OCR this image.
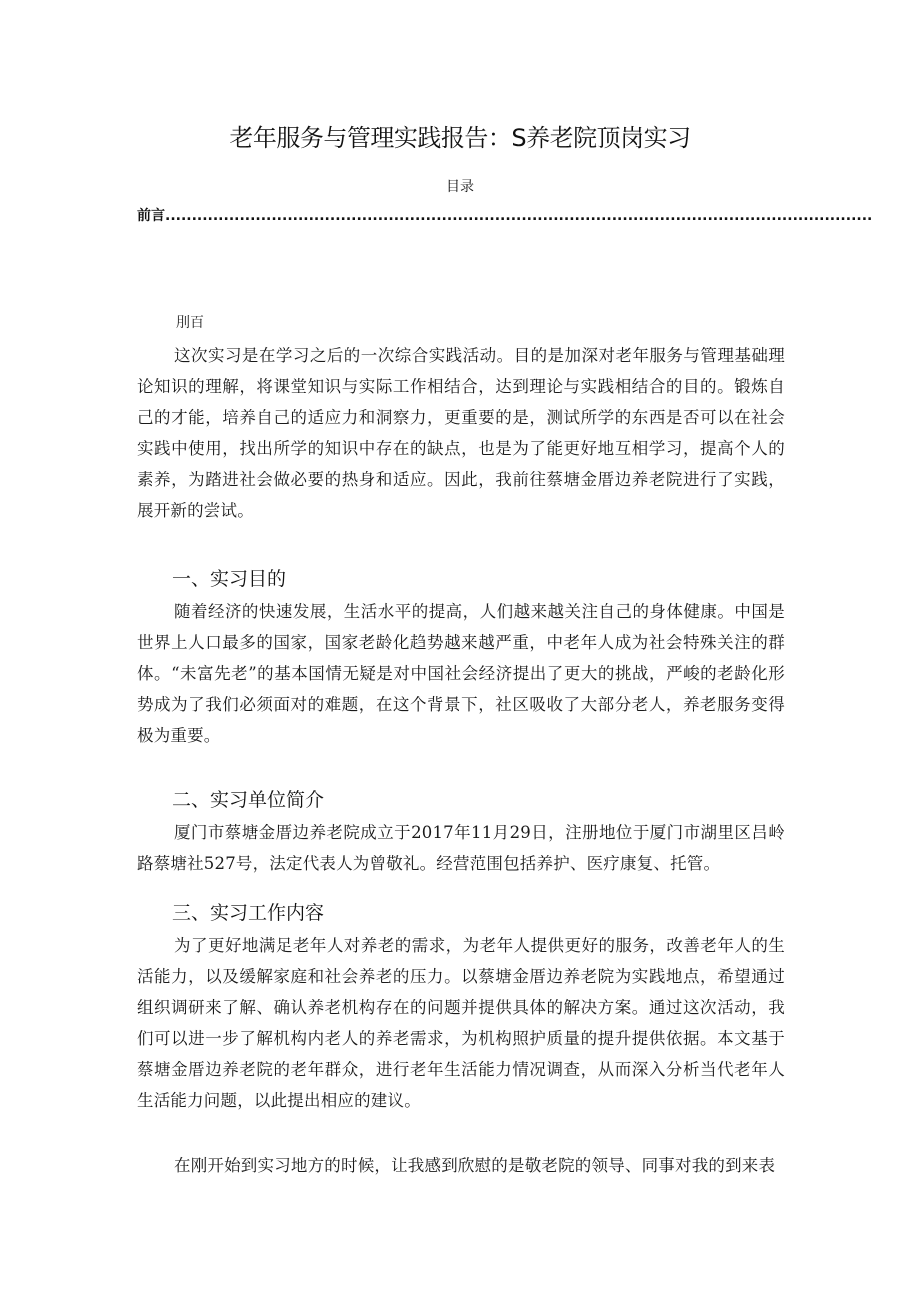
老年服务与管理实践报告：S养老院顶岗实习
目录
前言 .....................................................................................................................................
刖百

这次实习是在学习之后的一次综合实践活动。目的是加深对老年服务与管理基础理论知识的理解，将课堂知识与实际工作相结合，达到理论与实践相结合的目的。锻炼自己的才能，培养自己的适应力和洞察力，更重要的是，测试所学的东西是否可以在社会实践中使用，找出所学的知识中存在的缺点，也是为了能更好地互相学习，提高个人的素养，为踏进社会做必要的热身和适应。因此，我前往蔡塘金厝边养老院进行了实践，展开新的尝试。

一、实习目的

随着经济的快速发展，生活水平的提高，人们越来越关注自己的身体健康。中国是世界上人口最多的国家，国家老龄化趋势越来越严重，中老年人成为社会特殊关注的群体。“未富先老”的基本国情无疑是对中国社会经济提出了更大的挑战，严峻的老龄化形势成为了我们必须面对的难题，在这个背景下，社区吸收了大部分老人，养老服务变得极为重要。

二、实习单位简介

厦门市蔡塘金厝边养老院成立于2017年11月29日，注册地位于厦门市湖里区吕岭路蔡塘社527号，法定代表人为曾敬礼。经营范围包括养护、医疗康复、托管。

三、实习工作内容

为了更好地满足老年人对养老的需求，为老年人提供更好的服务，改善老年人的生活能力，以及缓解家庭和社会养老的压力。以蔡塘金厝边养老院为实践地点，希望通过组织调研来了解、确认养老机构存在的问题并提供具体的解决方案。通过这次活动，我们可以进一步了解机构内老人的养老需求，为机构照护质量的提升提供依据。本文基于蔡塘金厝边养老院的老年群众，进行老年生活能力情况调查，从而深入分析当代老年人生活能力问题，以此提出相应的建议。

在刚开始到实习地方的时候，让我感到欣慰的是敬老院的领导、同事对我的到来表
